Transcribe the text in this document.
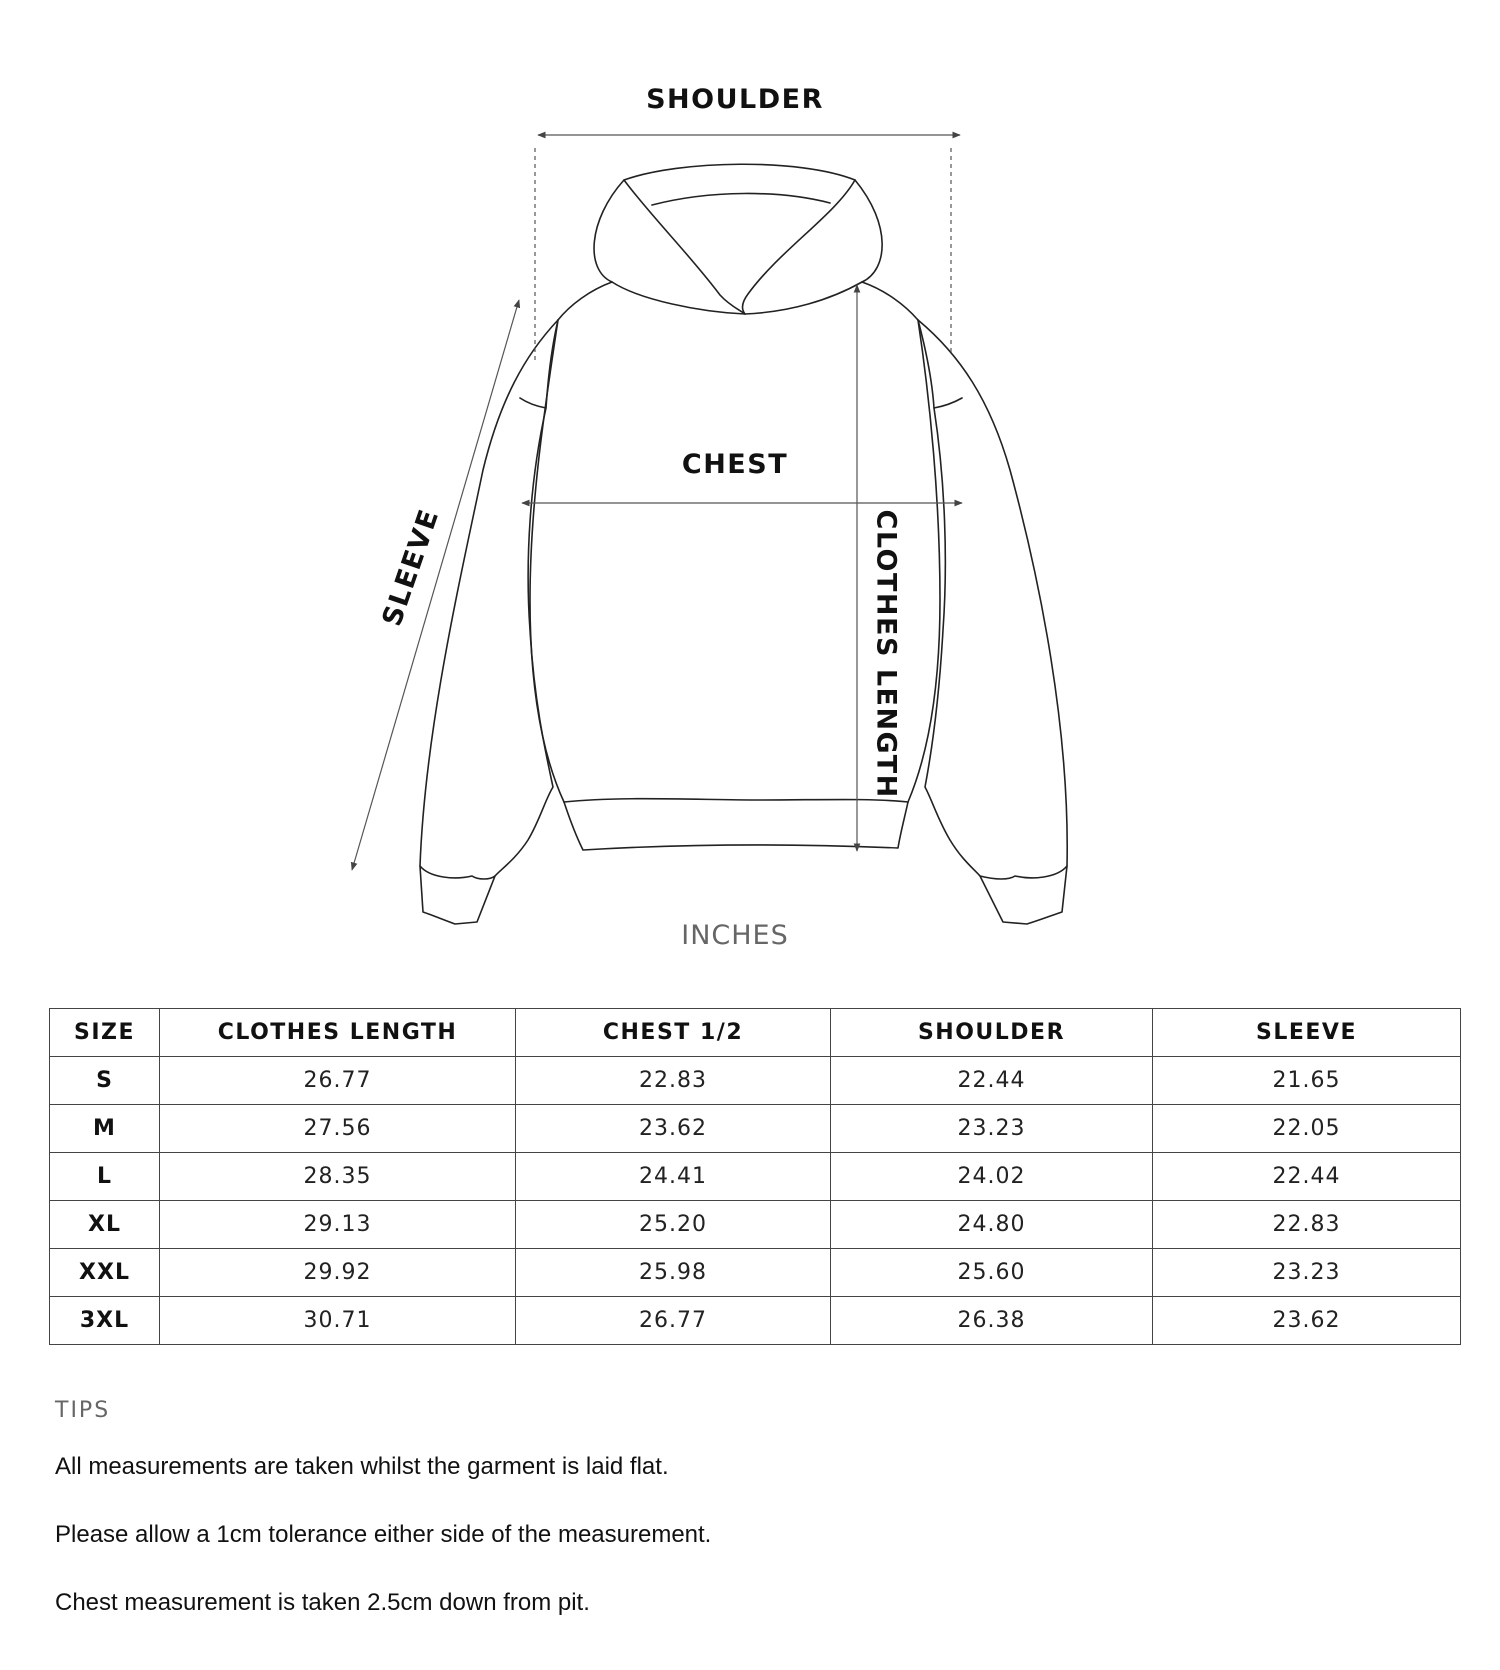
SHOULDER
CHEST
SLEEVE	CLOTHES LENGTH
INCHES
SIZE	CLOTHES LENGTH	CHEST 1/2	SHOULDER	SLEEVE
S	26.77	22.83	22.44	21.65
M	27.56	23.62	23.23	22.05
L	28.35	24.41	24.02	22.44
XL	29.13	25.20	24.80	22.83
XXL	29.92	25.98	25.60	23.23
3XL	30.71	26.77	26.38	23.62
TIPS

All measurements are taken whilst the garment is laid flat.

Please allow a 1cm tolerance either side of the measurement.

Chest measurement is taken 2.5cm down from pit.
